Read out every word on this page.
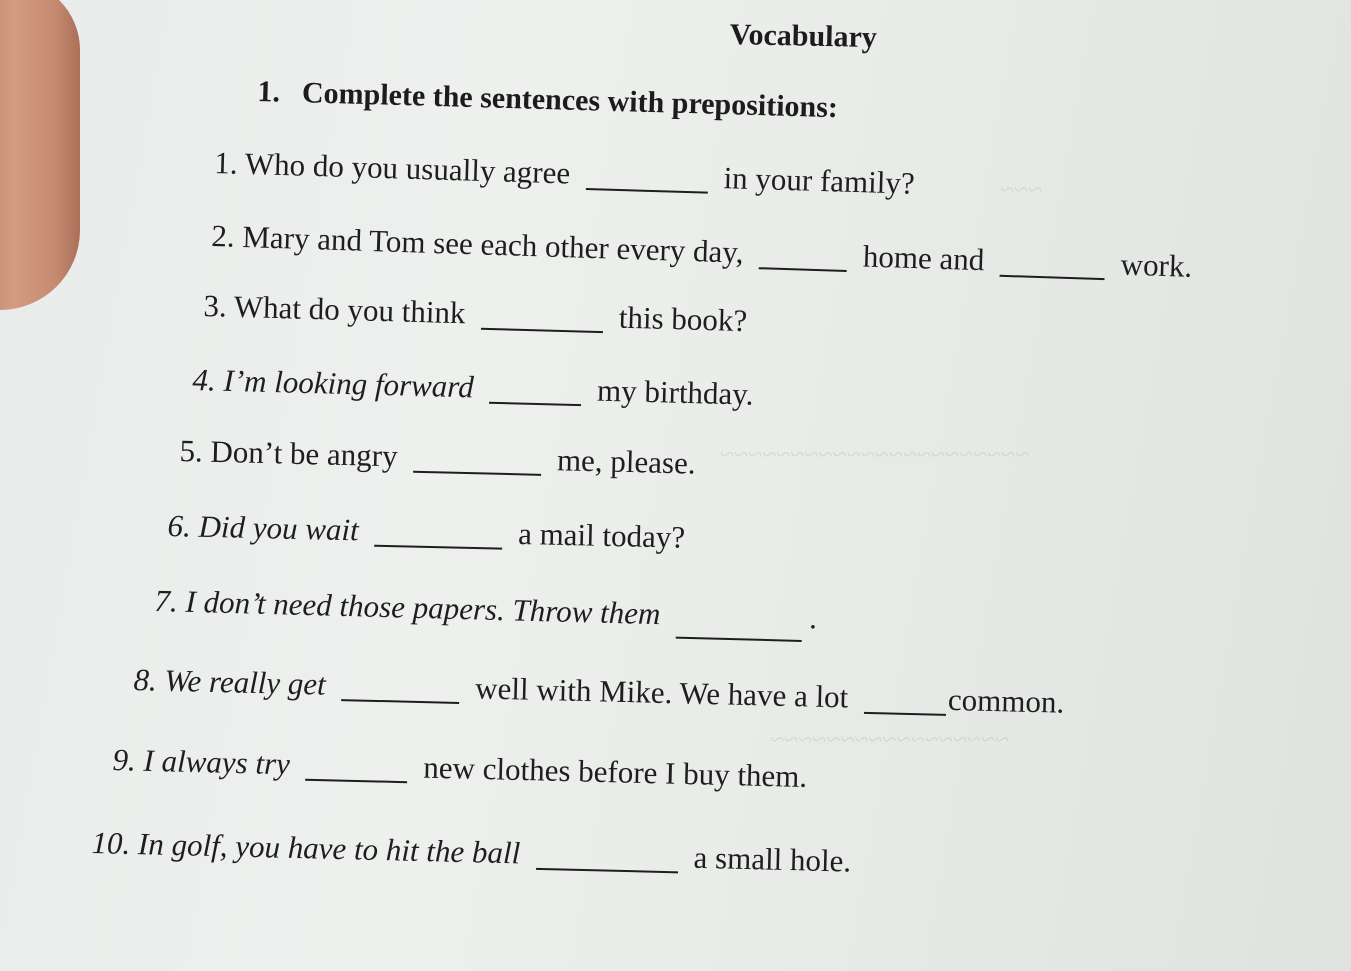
~~~
~~~~~~~~~~~~~~~~~~~~~~
~~~~~~~~~~~~~~~~~
Vocabulary
1. Complete the sentences with prepositions:
1. Who do you usually agree	in your family?
2. Mary and Tom see each other every day,	home and	work.
3. What do you think	this book?
4. I’m looking forward	my birthday.
5. Don’t be angry	me, please.
6. Did you wait	a mail today?
7. I don’t need those papers. Throw them	.
8. We really get	well with Mike. We have a lot	common.
9. I always try	new clothes before I buy them.
10. In golf, you have to hit the ball	a small hole.
